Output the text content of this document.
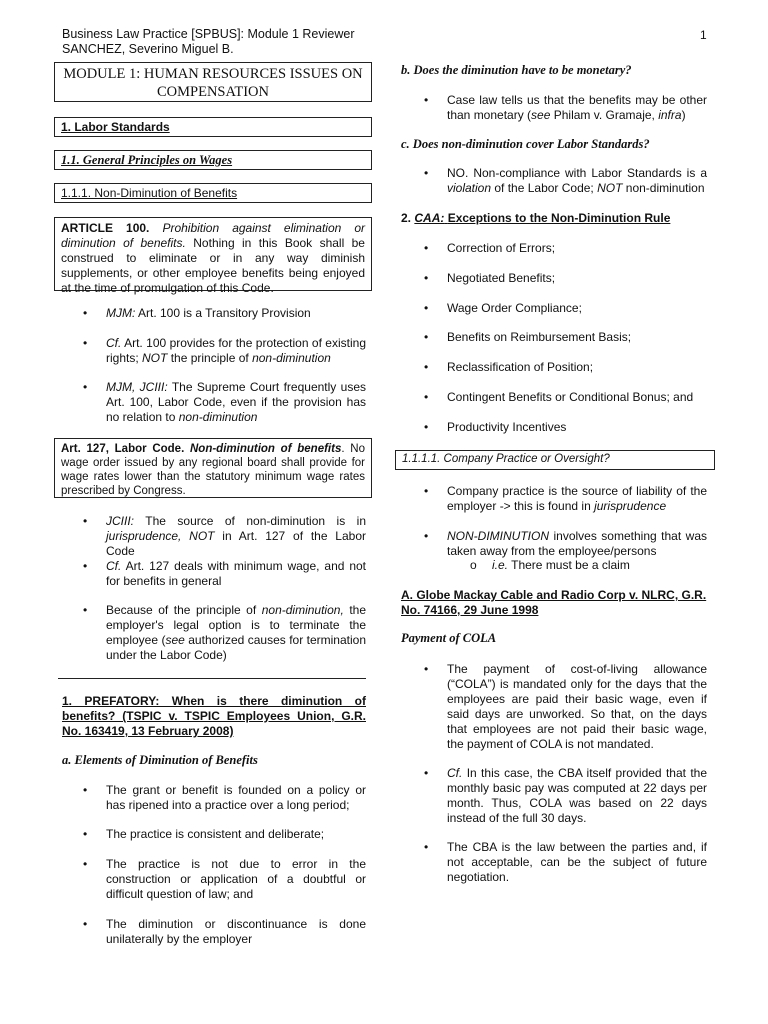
Business Law Practice [SPBUS]: Module 1 Reviewer
SANCHEZ, Severino Miguel B.
1
MODULE 1: HUMAN RESOURCES ISSUES ON COMPENSATION
1. Labor Standards
1.1. General Principles on Wages
1.1.1. Non-Diminution of Benefits
ARTICLE 100. Prohibition against elimination or diminution of benefits. Nothing in this Book shall be construed to eliminate or in any way diminish supplements, or other employee benefits being enjoyed at the time of promulgation of this Code.
• MJM: Art. 100 is a Transitory Provision
• Cf. Art. 100 provides for the protection of existing rights; NOT the principle of non-diminution
• MJM, JCIII: The Supreme Court frequently uses Art. 100, Labor Code, even if the provision has no relation to non-diminution
Art. 127, Labor Code. Non-diminution of benefits. No wage order issued by any regional board shall provide for wage rates lower than the statutory minimum wage rates prescribed by Congress.
• JCIII: The source of non-diminution is in jurisprudence, NOT in Art. 127 of the Labor Code
• Cf. Art. 127 deals with minimum wage, and not for benefits in general
• Because of the principle of non-diminution, the employer's legal option is to terminate the employee (see authorized causes for termination under the Labor Code)
1. PREFATORY: When is there diminution of benefits? (TSPIC v. TSPIC Employees Union, G.R. No. 163419, 13 February 2008)
a. Elements of Diminution of Benefits
• The grant or benefit is founded on a policy or has ripened into a practice over a long period;
• The practice is consistent and deliberate;
• The practice is not due to error in the construction or application of a doubtful or difficult question of law; and
• The diminution or discontinuance is done unilaterally by the employer
b. Does the diminution have to be monetary?
• Case law tells us that the benefits may be other than monetary (see Philam v. Gramaje, infra)
c. Does non-diminution cover Labor Standards?
• NO. Non-compliance with Labor Standards is a violation of the Labor Code; NOT non-diminution
2. CAA: Exceptions to the Non-Diminution Rule
• Correction of Errors;
• Negotiated Benefits;
• Wage Order Compliance;
• Benefits on Reimbursement Basis;
• Reclassification of Position;
• Contingent Benefits or Conditional Bonus; and
• Productivity Incentives
1.1.1.1. Company Practice or Oversight?
• Company practice is the source of liability of the employer -> this is found in jurisprudence
• NON-DIMINUTION involves something that was taken away from the employee/persons
o i.e. There must be a claim
A. Globe Mackay Cable and Radio Corp v. NLRC, G.R. No. 74166, 29 June 1998
Payment of COLA
• The payment of cost-of-living allowance (“COLA”) is mandated only for the days that the employees are paid their basic wage, even if said days are unworked. So that, on the days that employees are not paid their basic wage, the payment of COLA is not mandated.
• Cf. In this case, the CBA itself provided that the monthly basic pay was computed at 22 days per month. Thus, COLA was based on 22 days instead of the full 30 days.
• The CBA is the law between the parties and, if not acceptable, can be the subject of future negotiation.
